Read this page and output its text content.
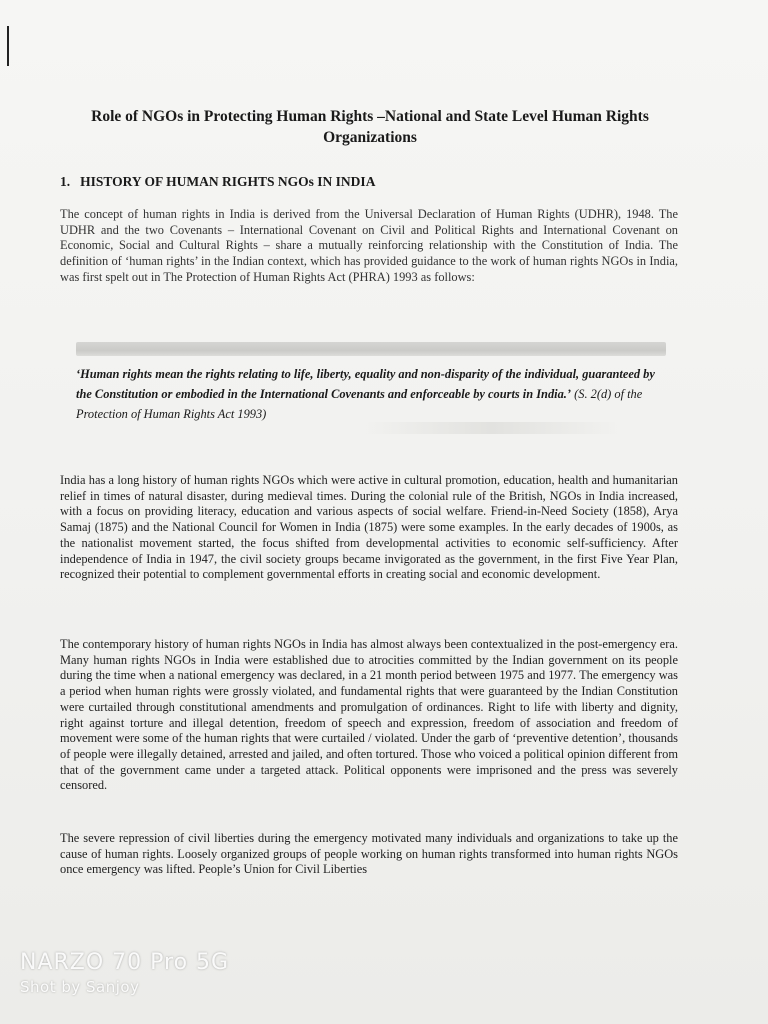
Role of NGOs in Protecting Human Rights –National and State Level Human Rights Organizations
1. HISTORY OF HUMAN RIGHTS NGOs IN INDIA

The concept of human rights in India is derived from the Universal Declaration of Human Rights (UDHR), 1948. The UDHR and the two Covenants – International Covenant on Civil and Political Rights and International Covenant on Economic, Social and Cultural Rights – share a mutually reinforcing relationship with the Constitution of India. The definition of ‘human rights’ in the Indian context, which has provided guidance to the work of human rights NGOs in India, was first spelt out in The Protection of Human Rights Act (PHRA) 1993 as follows:

‘Human rights mean the rights relating to life, liberty, equality and non-disparity of the individual, guaranteed by the Constitution or embodied in the International Covenants and enforceable by courts in India.’ (S. 2(d) of the Protection of Human Rights Act 1993)

India has a long history of human rights NGOs which were active in cultural promotion, education, health and humanitarian relief in times of natural disaster, during medieval times. During the colonial rule of the British, NGOs in India increased, with a focus on providing literacy, education and various aspects of social welfare. Friend-in-Need Society (1858), Arya Samaj (1875) and the National Council for Women in India (1875) were some examples. In the early decades of 1900s, as the nationalist movement started, the focus shifted from developmental activities to economic self-sufficiency. After independence of India in 1947, the civil society groups became invigorated as the government, in the first Five Year Plan, recognized their potential to complement governmental efforts in creating social and economic development.

The contemporary history of human rights NGOs in India has almost always been contextualized in the post-emergency era. Many human rights NGOs in India were established due to atrocities committed by the Indian government on its people during the time when a national emergency was declared, in a 21 month period between 1975 and 1977. The emergency was a period when human rights were grossly violated, and fundamental rights that were guaranteed by the Indian Constitution were curtailed through constitutional amendments and promulgation of ordinances. Right to life with liberty and dignity, right against torture and illegal detention, freedom of speech and expression, freedom of association and freedom of movement were some of the human rights that were curtailed / violated. Under the garb of ‘preventive detention’, thousands of people were illegally detained, arrested and jailed, and often tortured. Those who voiced a political opinion different from that of the government came under a targeted attack. Political opponents were imprisoned and the press was severely censored.

The severe repression of civil liberties during the emergency motivated many individuals and organizations to take up the cause of human rights. Loosely organized groups of people working on human rights transformed into human rights NGOs once emergency was lifted. People’s Union for Civil Liberties

NARZO 70 Pro 5G
Shot by Sanjoy
